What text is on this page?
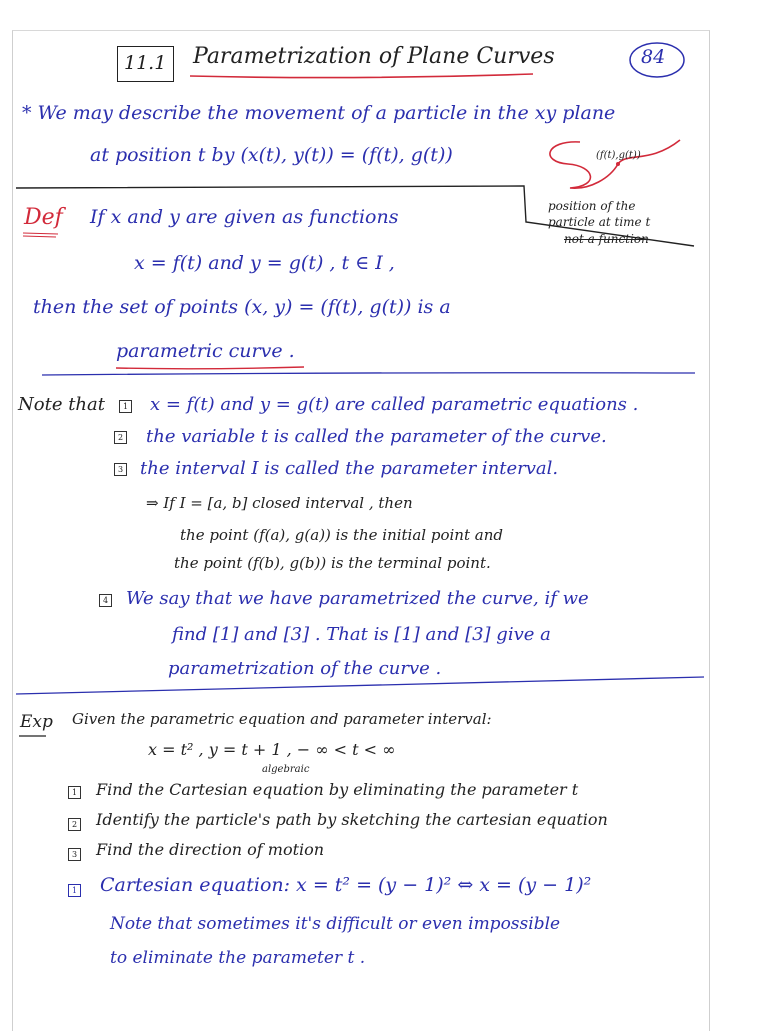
11.1 Parametrization of Plane Curves	84
* We may describe the movement of a particle in the xy plane
at position t by (x(t), y(t)) = (f(t), g(t))	(f(t),g(t))
position of the
particle at time t
not a function
Def If x and y are given as functions
x = f(t) and y = g(t) , t ∈ I ,
then the set of points (x, y) = (f(t), g(t)) is a
parametric curve .
Note that	1 x = f(t) and y = g(t) are called parametric equations .
2 the variable t is called the parameter of the curve.
3 the interval I is called the parameter interval.
⇒ If I = [a, b] closed interval , then
the point (f(a), g(a)) is the initial point and
the point (f(b), g(b)) is the terminal point.
4 We say that we have parametrized the curve, if we
find [1] and [3] . That is [1] and [3] give a
parametrization of the curve .
Exp Given the parametric equation and parameter interval:
x = t² , y = t + 1 , − ∞ < t < ∞
algebraic
1 Find the Cartesian equation by eliminating the parameter t
2 Identify the particle's path by sketching the cartesian equation
3 Find the direction of motion
1 Cartesian equation: x = t² = (y − 1)² ⇔ x = (y − 1)²
Note that sometimes it's difficult or even impossible
to eliminate the parameter t .
